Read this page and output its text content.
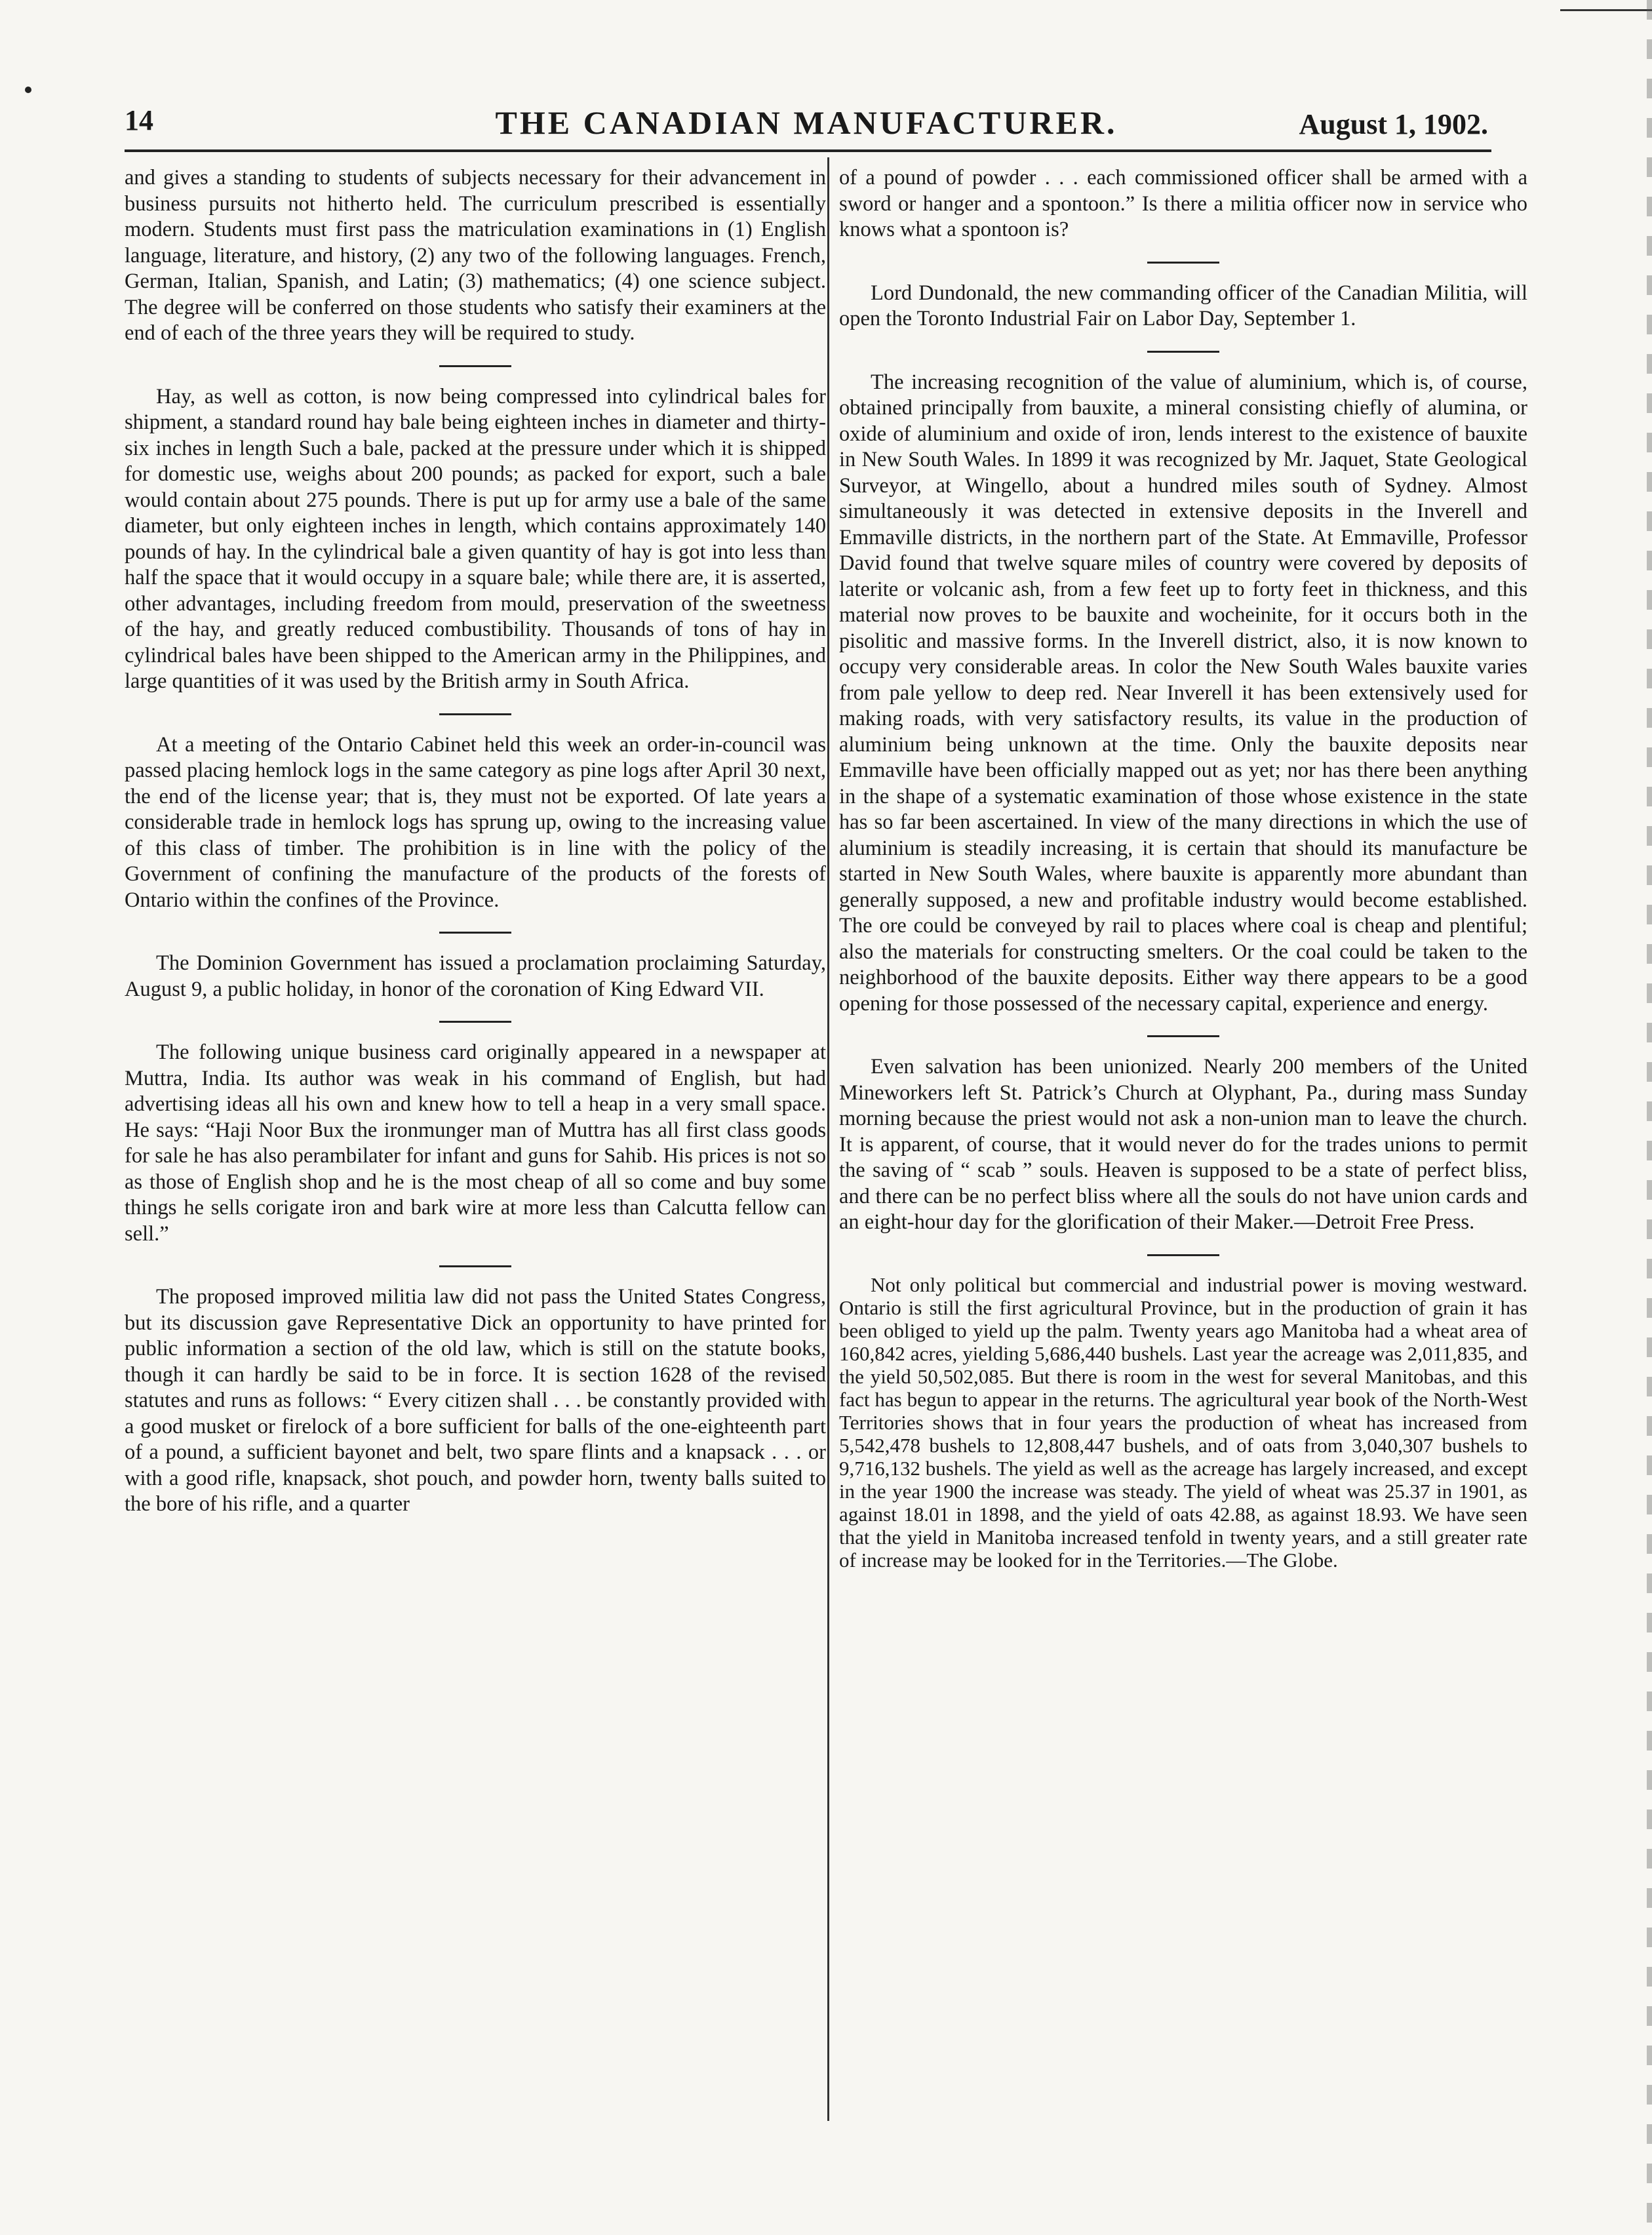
14	THE CANADIAN MANUFACTURER.	August 1, 1902.

and gives a standing to students of subjects necessary for their advancement in business pursuits not hitherto held. The curriculum prescribed is essentially modern. Students must first pass the matriculation examinations in (1) English language, literature, and history, (2) any two of the following languages. French, German, Italian, Spanish, and Latin; (3) mathematics; (4) one science subject. The degree will be conferred on those students who satisfy their examiners at the end of each of the three years they will be required to study.

Hay, as well as cotton, is now being compressed into cylindrical bales for shipment, a standard round hay bale being eighteen inches in diameter and thirty-six inches in length Such a bale, packed at the pressure under which it is shipped for domestic use, weighs about 200 pounds; as packed for export, such a bale would contain about 275 pounds. There is put up for army use a bale of the same diameter, but only eighteen inches in length, which contains approximately 140 pounds of hay. In the cylindrical bale a given quantity of hay is got into less than half the space that it would occupy in a square bale; while there are, it is asserted, other advantages, including freedom from mould, preservation of the sweetness of the hay, and greatly reduced combustibility. Thousands of tons of hay in cylindrical bales have been shipped to the American army in the Philippines, and large quantities of it was used by the British army in South Africa.

At a meeting of the Ontario Cabinet held this week an order-in-council was passed placing hemlock logs in the same category as pine logs after April 30 next, the end of the license year; that is, they must not be exported. Of late years a considerable trade in hemlock logs has sprung up, owing to the increasing value of this class of timber. The prohibition is in line with the policy of the Government of confining the manufacture of the products of the forests of Ontario within the confines of the Province.

The Dominion Government has issued a proclamation proclaiming Saturday, August 9, a public holiday, in honor of the coronation of King Edward VII.

The following unique business card originally appeared in a newspaper at Muttra, India. Its author was weak in his command of English, but had advertising ideas all his own and knew how to tell a heap in a very small space. He says: “Haji Noor Bux the ironmunger man of Muttra has all first class goods for sale he has also perambilater for infant and guns for Sahib. His prices is not so as those of English shop and he is the most cheap of all so come and buy some things he sells corigate iron and bark wire at more less than Calcutta fellow can sell.”

The proposed improved militia law did not pass the United States Congress, but its discussion gave Representative Dick an opportunity to have printed for public information a section of the old law, which is still on the statute books, though it can hardly be said to be in force. It is section 1628 of the revised statutes and runs as follows: “ Every citizen shall . . . be constantly provided with a good musket or firelock of a bore sufficient for balls of the one-eighteenth part of a pound, a sufficient bayonet and belt, two spare flints and a knapsack . . . or with a good rifle, knapsack, shot pouch, and powder horn, twenty balls suited to the bore of his rifle, and a quarter

of a pound of powder . . . each commissioned officer shall be armed with a sword or hanger and a spontoon.” Is there a militia officer now in service who knows what a spontoon is?

Lord Dundonald, the new commanding officer of the Canadian Militia, will open the Toronto Industrial Fair on Labor Day, September 1.

The increasing recognition of the value of aluminium, which is, of course, obtained principally from bauxite, a mineral consisting chiefly of alumina, or oxide of aluminium and oxide of iron, lends interest to the existence of bauxite in New South Wales. In 1899 it was recognized by Mr. Jaquet, State Geological Surveyor, at Wingello, about a hundred miles south of Sydney. Almost simultaneously it was detected in extensive deposits in the Inverell and Emmaville districts, in the northern part of the State. At Emmaville, Professor David found that twelve square miles of country were covered by deposits of laterite or volcanic ash, from a few feet up to forty feet in thickness, and this material now proves to be bauxite and wocheinite, for it occurs both in the pisolitic and massive forms. In the Inverell district, also, it is now known to occupy very considerable areas. In color the New South Wales bauxite varies from pale yellow to deep red. Near Inverell it has been extensively used for making roads, with very satisfactory results, its value in the production of aluminium being unknown at the time. Only the bauxite deposits near Emmaville have been officially mapped out as yet; nor has there been anything in the shape of a systematic examination of those whose existence in the state has so far been ascertained. In view of the many directions in which the use of aluminium is steadily increasing, it is certain that should its manufacture be started in New South Wales, where bauxite is apparently more abundant than generally supposed, a new and profitable industry would become established. The ore could be conveyed by rail to places where coal is cheap and plentiful; also the materials for constructing smelters. Or the coal could be taken to the neighborhood of the bauxite deposits. Either way there appears to be a good opening for those possessed of the necessary capital, experience and energy.

Even salvation has been unionized. Nearly 200 members of the United Mineworkers left St. Patrick’s Church at Olyphant, Pa., during mass Sunday morning because the priest would not ask a non-union man to leave the church. It is apparent, of course, that it would never do for the trades unions to permit the saving of “ scab ” souls. Heaven is supposed to be a state of perfect bliss, and there can be no perfect bliss where all the souls do not have union cards and an eight-hour day for the glorification of their Maker.—Detroit Free Press.

Not only political but commercial and industrial power is moving westward. Ontario is still the first agricultural Province, but in the production of grain it has been obliged to yield up the palm. Twenty years ago Manitoba had a wheat area of 160,842 acres, yielding 5,686,440 bushels. Last year the acreage was 2,011,835, and the yield 50,502,085. But there is room in the west for several Manitobas, and this fact has begun to appear in the returns. The agricultural year book of the North-West Territories shows that in four years the production of wheat has increased from 5,542,478 bushels to 12,808,447 bushels, and of oats from 3,040,307 bushels to 9,716,132 bushels. The yield as well as the acreage has largely increased, and except in the year 1900 the increase was steady. The yield of wheat was 25.37 in 1901, as against 18.01 in 1898, and the yield of oats 42.88, as against 18.93. We have seen that the yield in Manitoba increased tenfold in twenty years, and a still greater rate of increase may be looked for in the Territories.—The Globe.
